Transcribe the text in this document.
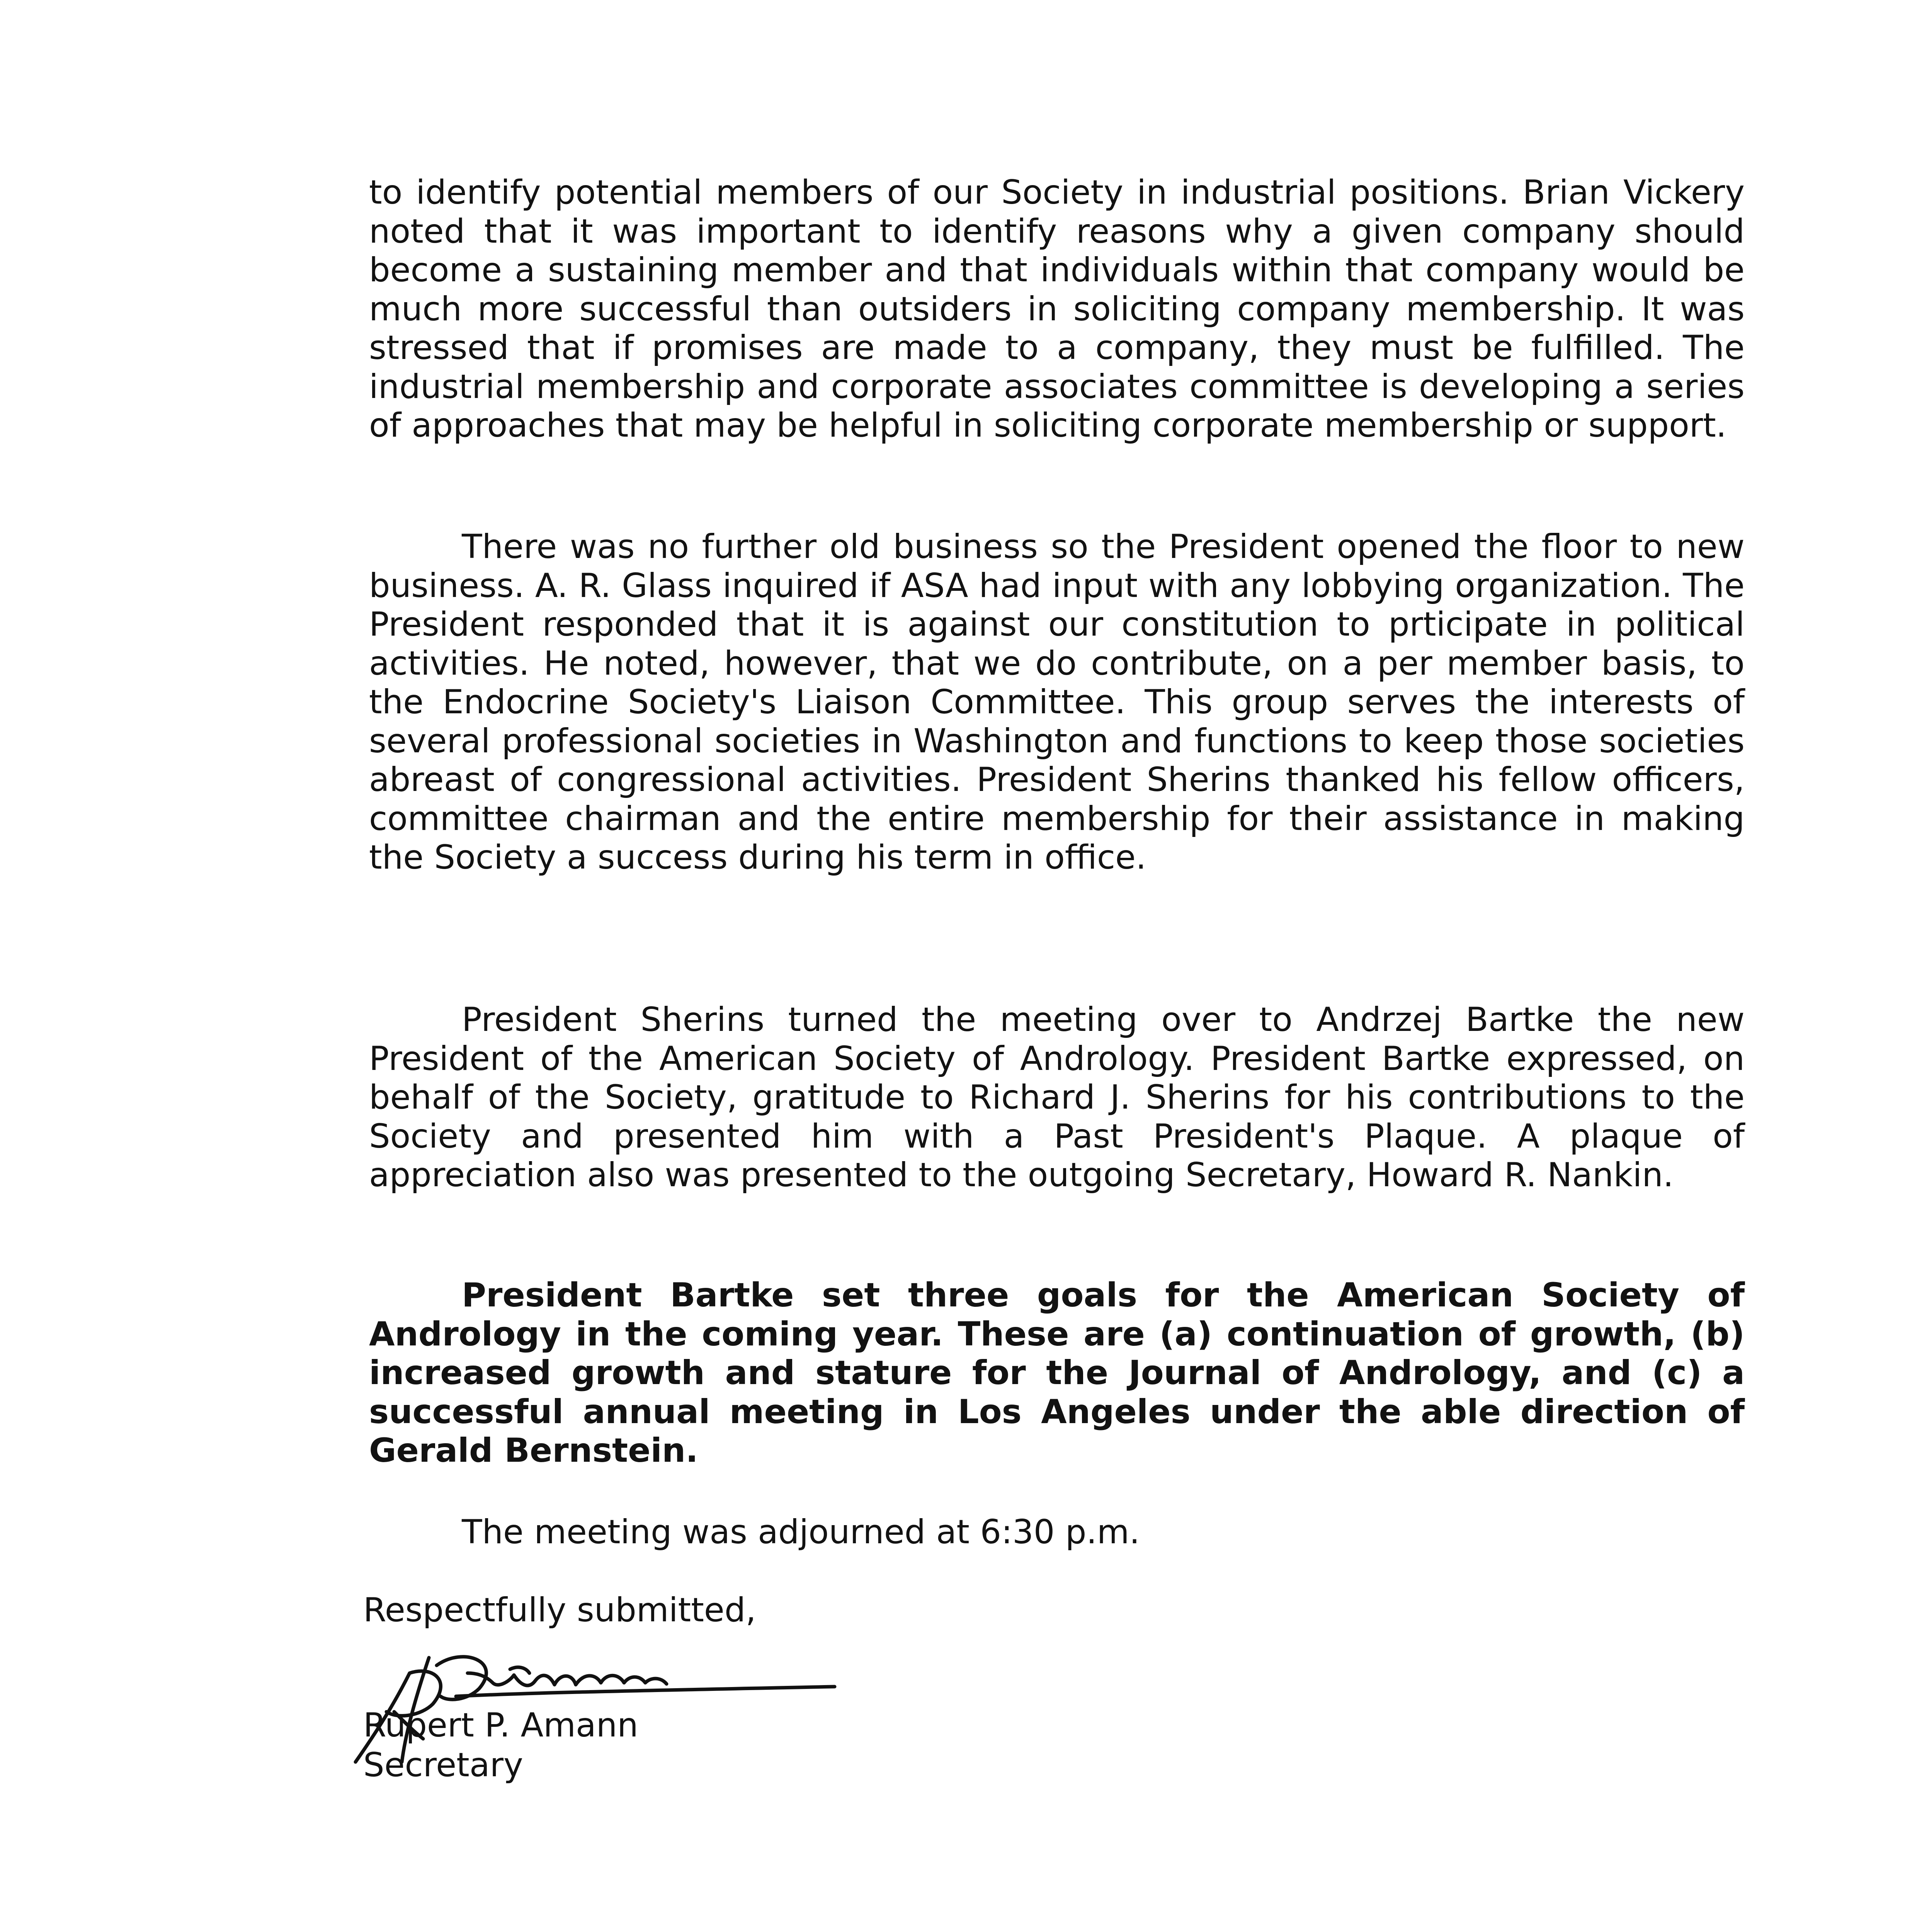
to identify potential members of our Society in industrial positions. Brian Vickery noted that it was important to identify reasons why a given company should become a sustaining member and that individuals within that company would be much more successful than outsiders in soliciting company membership. It was stressed that if promises are made to a company, they must be fulfilled. The industrial membership and corporate associates committee is developing a series of approaches that may be helpful in soliciting corporate membership or support.

There was no further old business so the President opened the floor to new business. A. R. Glass inquired if ASA had input with any lobbying organization. The President responded that it is against our constitution to prticipate in political activities. He noted, however, that we do contribute, on a per member basis, to the Endocrine Society's Liaison Committee. This group serves the interests of several professional societies in Washington and functions to keep those societies abreast of congressional activities. President Sherins thanked his fellow officers, committee chairman and the entire membership for their assistance in making the Society a success during his term in office.

President Sherins turned the meeting over to Andrzej Bartke the new President of the American Society of Andrology. President Bartke expressed, on behalf of the Society, gratitude to Richard J. Sherins for his contributions to the Society and presented him with a Past President's Plaque. A plaque of appreciation also was presented to the outgoing Secretary, Howard R. Nankin.

President Bartke set three goals for the American Society of Andrology in the coming year. These are (a) continuation of growth, (b) increased growth and stature for the Journal of Andrology, and (c) a successful annual meeting in Los Angeles under the able direction of Gerald Bernstein.

The meeting was adjourned at 6:30 p.m.

Respectfully submitted,

Rupert P. Amann

Secretary
